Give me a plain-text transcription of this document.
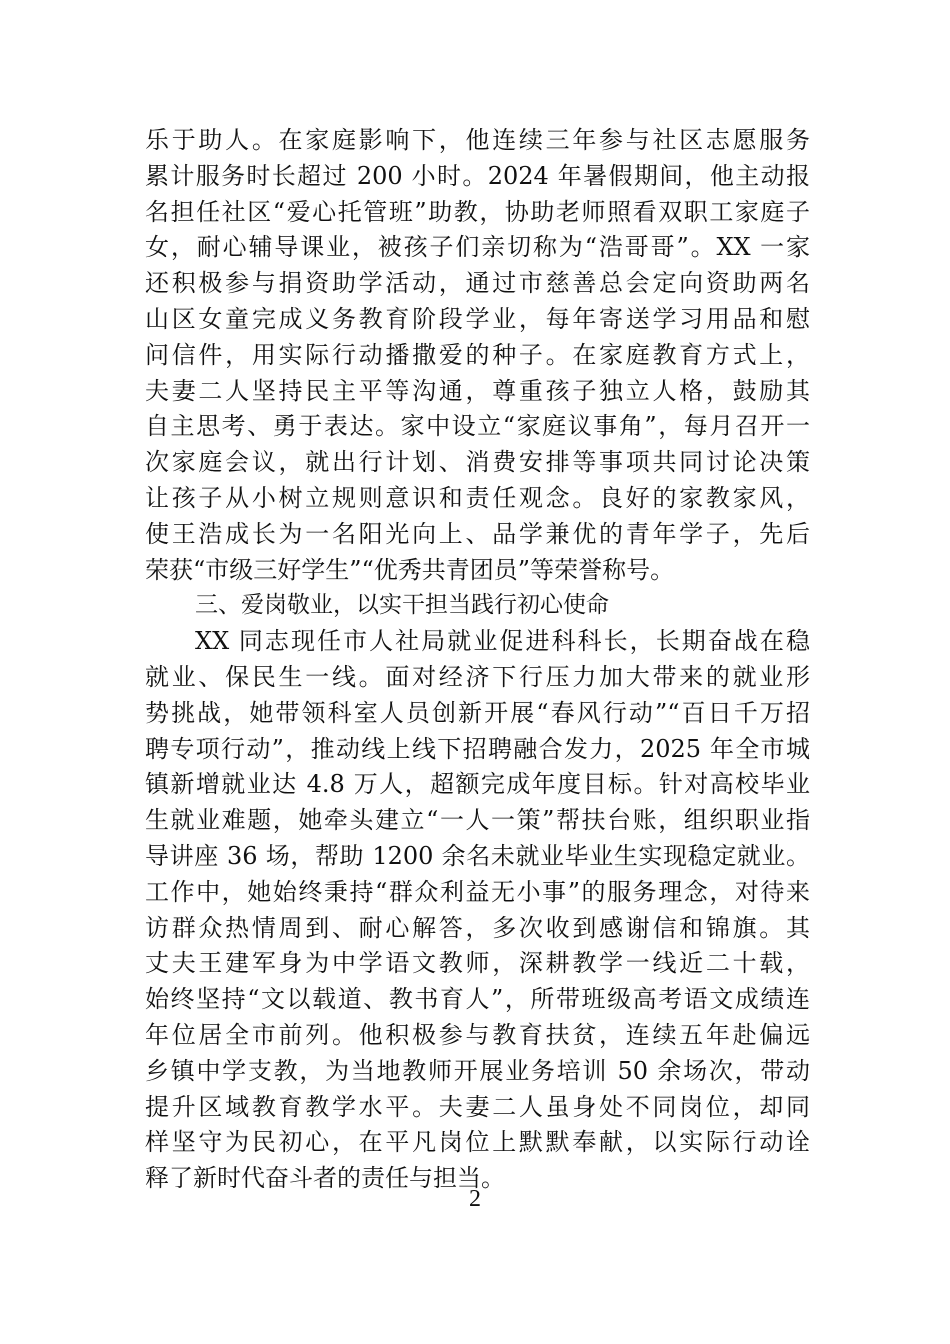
乐于助人。在家庭影响下，他连续三年参与社区志愿服务
累计服务时长超过 200 小时。2024 年暑假期间，他主动报
名担任社区“爱心托管班”助教，协助老师照看双职工家庭子
女，耐心辅导课业，被孩子们亲切称为“浩哥哥”。XX 一家
还积极参与捐资助学活动，通过市慈善总会定向资助两名
山区女童完成义务教育阶段学业，每年寄送学习用品和慰
问信件，用实际行动播撒爱的种子。在家庭教育方式上，
夫妻二人坚持民主平等沟通，尊重孩子独立人格，鼓励其
自主思考、勇于表达。家中设立“家庭议事角”，每月召开一
次家庭会议，就出行计划、消费安排等事项共同讨论决策
让孩子从小树立规则意识和责任观念。良好的家教家风，
使王浩成长为一名阳光向上、品学兼优的青年学子，先后
荣获“市级三好学生”“优秀共青团员”等荣誉称号。
三、爱岗敬业，以实干担当践行初心使命
XX 同志现任市人社局就业促进科科长，长期奋战在稳
就业、保民生一线。面对经济下行压力加大带来的就业形
势挑战，她带领科室人员创新开展“春风行动”“百日千万招
聘专项行动”，推动线上线下招聘融合发力，2025 年全市城
镇新增就业达 4.8 万人，超额完成年度目标。针对高校毕业
生就业难题，她牵头建立“一人一策”帮扶台账，组织职业指
导讲座 36 场，帮助 1200 余名未就业毕业生实现稳定就业。
工作中，她始终秉持“群众利益无小事”的服务理念，对待来
访群众热情周到、耐心解答，多次收到感谢信和锦旗。其
丈夫王建军身为中学语文教师，深耕教学一线近二十载，
始终坚持“文以载道、教书育人”，所带班级高考语文成绩连
年位居全市前列。他积极参与教育扶贫，连续五年赴偏远
乡镇中学支教，为当地教师开展业务培训 50 余场次，带动
提升区域教育教学水平。夫妻二人虽身处不同岗位，却同
样坚守为民初心，在平凡岗位上默默奉献，以实际行动诠
释了新时代奋斗者的责任与担当。
2
